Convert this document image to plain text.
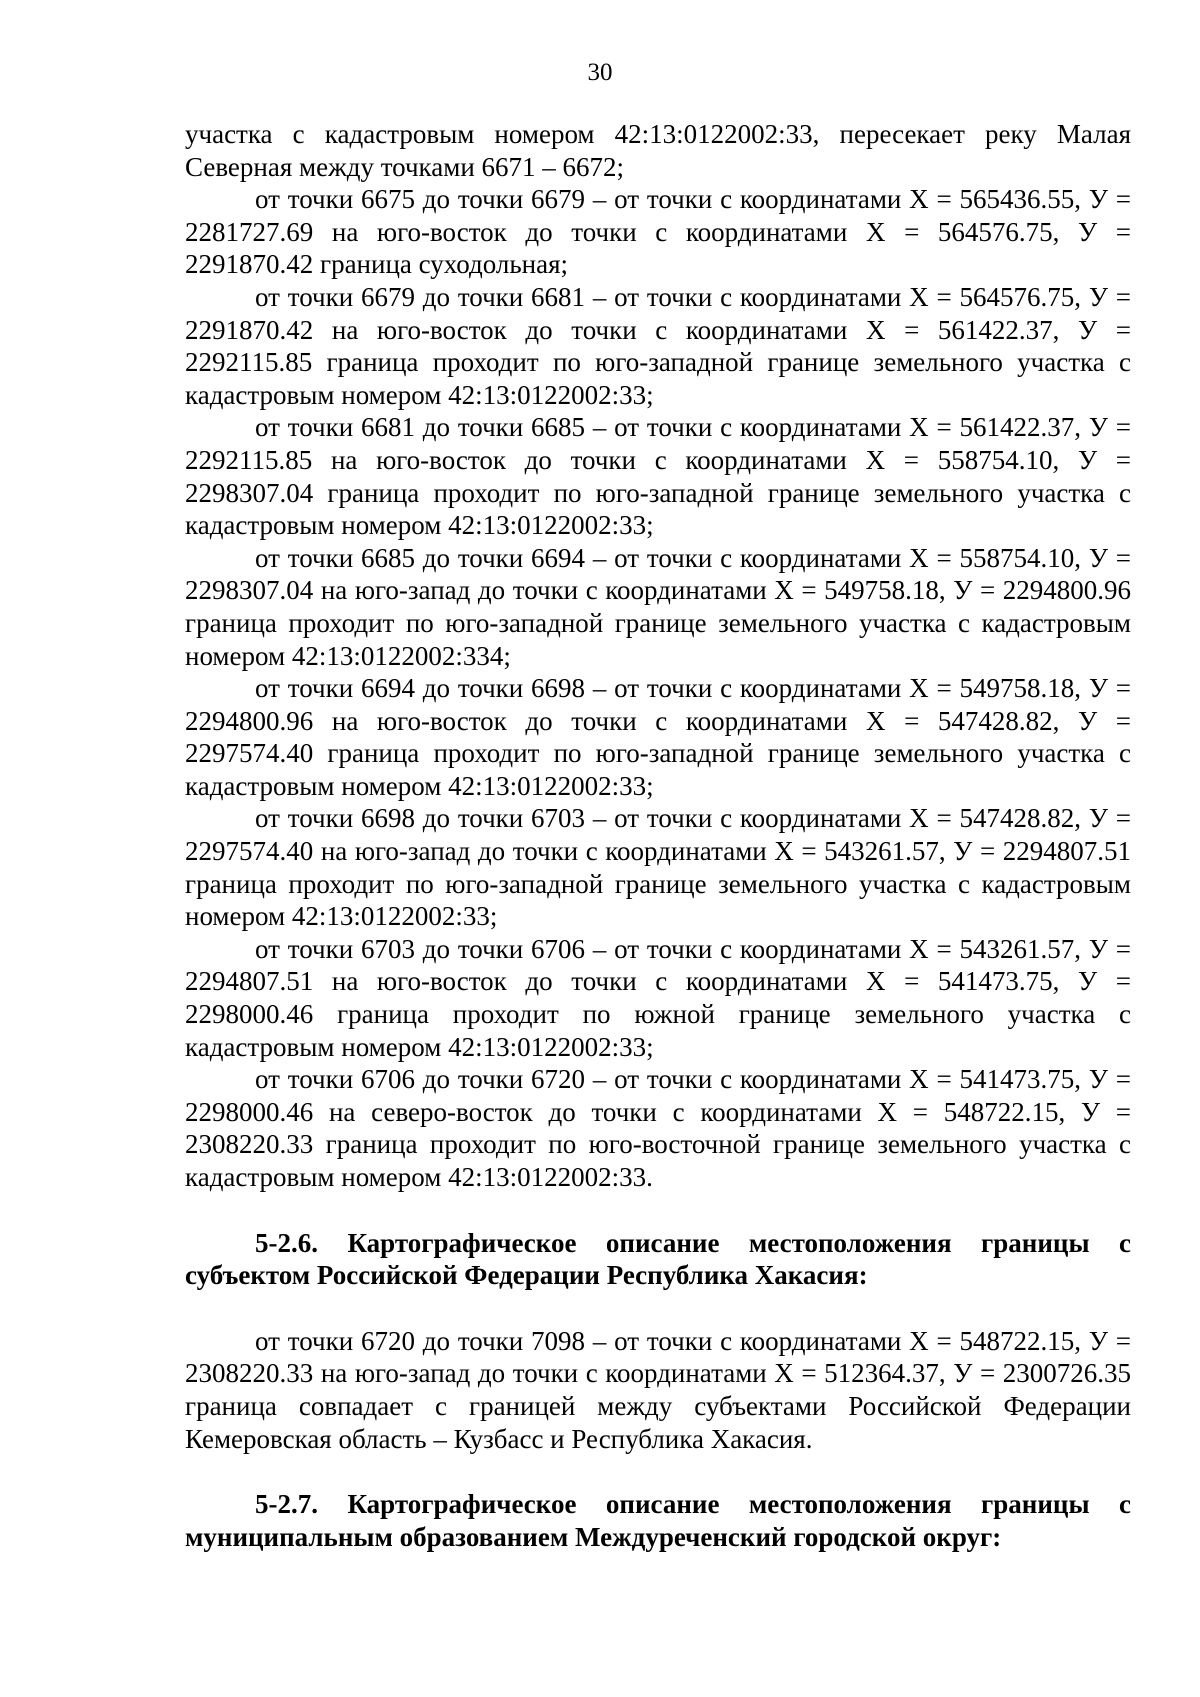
30

участка с кадастровым номером 42:13:0122002:33, пересекает реку Малая Северная между точками 6671 – 6672;

от точки 6675 до точки 6679 – от точки с координатами Х = 565436.55, У = 2281727.69 на юго-восток до точки с координатами Х = 564576.75, У = 2291870.42 граница суходольная;

от точки 6679 до точки 6681 – от точки с координатами Х = 564576.75, У = 2291870.42 на юго-восток до точки с координатами Х = 561422.37, У = 2292115.85 граница проходит по юго-западной границе земельного участка с кадастровым номером 42:13:0122002:33;

от точки 6681 до точки 6685 – от точки с координатами Х = 561422.37, У = 2292115.85 на юго-восток до точки с координатами Х = 558754.10, У = 2298307.04 граница проходит по юго-западной границе земельного участка с кадастровым номером 42:13:0122002:33;

от точки 6685 до точки 6694 – от точки с координатами Х = 558754.10, У = 2298307.04 на юго-запад до точки с координатами Х = 549758.18, У = 2294800.96 граница проходит по юго-западной границе земельного участка с кадастровым номером 42:13:0122002:334;

от точки 6694 до точки 6698 – от точки с координатами Х = 549758.18, У = 2294800.96 на юго-восток до точки с координатами Х = 547428.82, У = 2297574.40 граница проходит по юго-западной границе земельного участка с кадастровым номером 42:13:0122002:33;

от точки 6698 до точки 6703 – от точки с координатами Х = 547428.82, У = 2297574.40 на юго-запад до точки с координатами Х = 543261.57, У = 2294807.51 граница проходит по юго-западной границе земельного участка с кадастровым номером 42:13:0122002:33;

от точки 6703 до точки 6706 – от точки с координатами Х = 543261.57, У = 2294807.51 на юго-восток до точки с координатами Х = 541473.75, У = 2298000.46 граница проходит по южной границе земельного участка с кадастровым номером 42:13:0122002:33;

от точки 6706 до точки 6720 – от точки с координатами Х = 541473.75, У = 2298000.46 на северо-восток до точки с координатами Х = 548722.15, У = 2308220.33 граница проходит по юго-восточной границе земельного участка с кадастровым номером 42:13:0122002:33.

5-2.6. Картографическое описание местоположения границы с субъектом Российской Федерации Республика Хакасия:

от точки 6720 до точки 7098 – от точки с координатами Х = 548722.15, У = 2308220.33 на юго-запад до точки с координатами Х = 512364.37, У = 2300726.35 граница совпадает с границей между субъектами Российской Федерации Кемеровская область – Кузбасс и Республика Хакасия.

5-2.7. Картографическое описание местоположения границы с муниципальным образованием Междуреченский городской округ:
